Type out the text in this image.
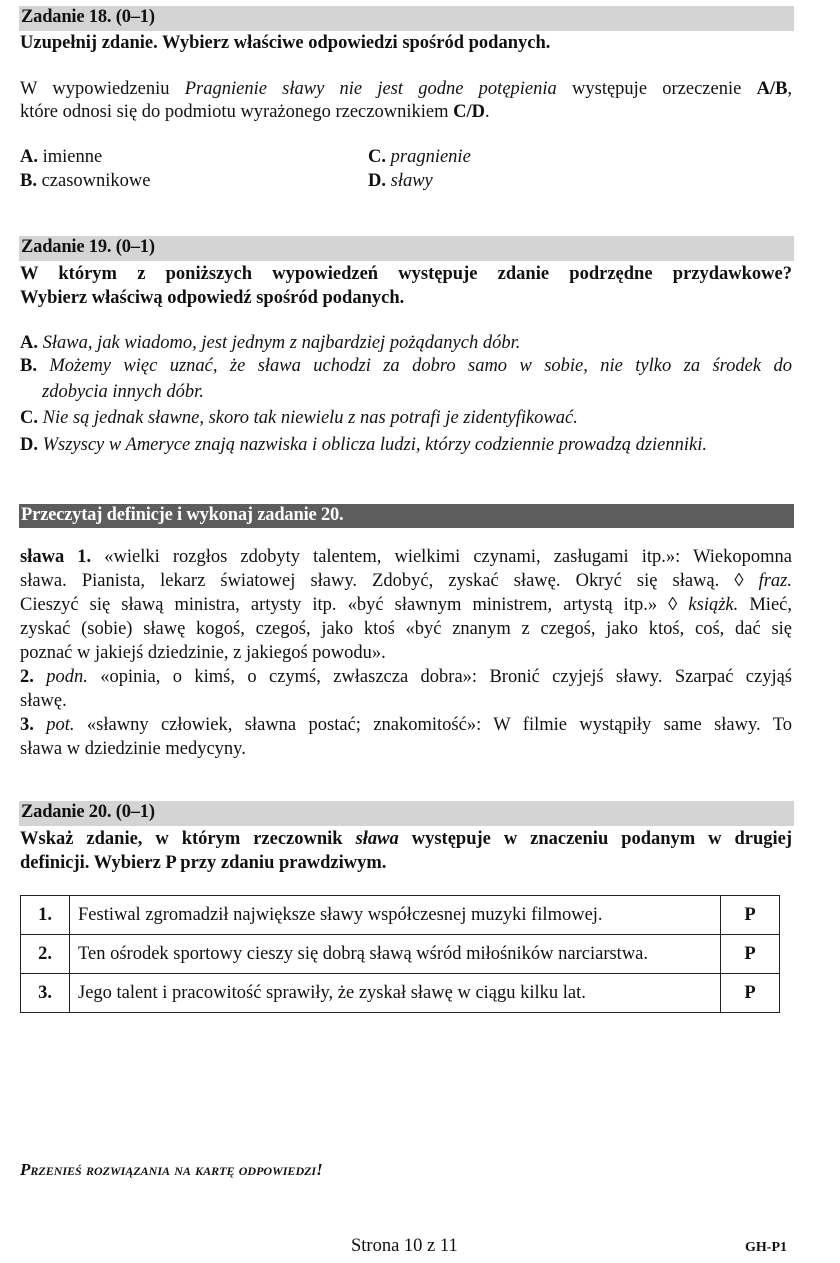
Zadanie 18. (0–1)
Uzupełnij zdanie. Wybierz właściwe odpowiedzi spośród podanych.
W wypowiedzeniu Pragnienie sławy nie jest godne potępienia występuje orzeczenie A/B,
które odnosi się do podmiotu wyrażonego rzeczownikiem C/D.
A. imienne
B. czasownikowe
C. pragnienie
D. sławy
Zadanie 19. (0–1)
W którym z poniższych wypowiedzeń występuje zdanie podrzędne przydawkowe?
Wybierz właściwą odpowiedź spośród podanych.
A. Sława, jak wiadomo, jest jednym z najbardziej pożądanych dóbr.
B. Możemy więc uznać, że sława uchodzi za dobro samo w sobie, nie tylko za środek do
zdobycia innych dóbr.
C. Nie są jednak sławne, skoro tak niewielu z nas potrafi je zidentyfikować.
D. Wszyscy w Ameryce znają nazwiska i oblicza ludzi, którzy codziennie prowadzą dzienniki.
Przeczytaj definicje i wykonaj zadanie 20.
sława 1. «wielki rozgłos zdobyty talentem, wielkimi czynami, zasługami itp.»: Wiekopomna
sława. Pianista, lekarz światowej sławy. Zdobyć, zyskać sławę. Okryć się sławą. ◊ fraz.
Cieszyć się sławą ministra, artysty itp. «być sławnym ministrem, artystą itp.» ◊ książk. Mieć,
zyskać (sobie) sławę kogoś, czegoś, jako ktoś «być znanym z czegoś, jako ktoś, coś, dać się
poznać w jakiejś dziedzinie, z jakiegoś powodu».
2. podn. «opinia, o kimś, o czymś, zwłaszcza dobra»: Bronić czyjejś sławy. Szarpać czyjąś
sławę.
3. pot. «sławny człowiek, sławna postać; znakomitość»: W filmie wystąpiły same sławy. To
sława w dziedzinie medycyny.
Zadanie 20. (0–1)
Wskaż zdanie, w którym rzeczownik sława występuje w znaczeniu podanym w drugiej
definicji. Wybierz P przy zdaniu prawdziwym.
1.	Festiwal zgromadził największe sławy współczesnej muzyki filmowej.	P
2.	Ten ośrodek sportowy cieszy się dobrą sławą wśród miłośników narciarstwa.	P
3.	Jego talent i pracowitość sprawiły, że zyskał sławę w ciągu kilku lat.	P
Przenieś rozwiązania na kartę odpowiedzi!
Strona 10 z 11	GH-P1
